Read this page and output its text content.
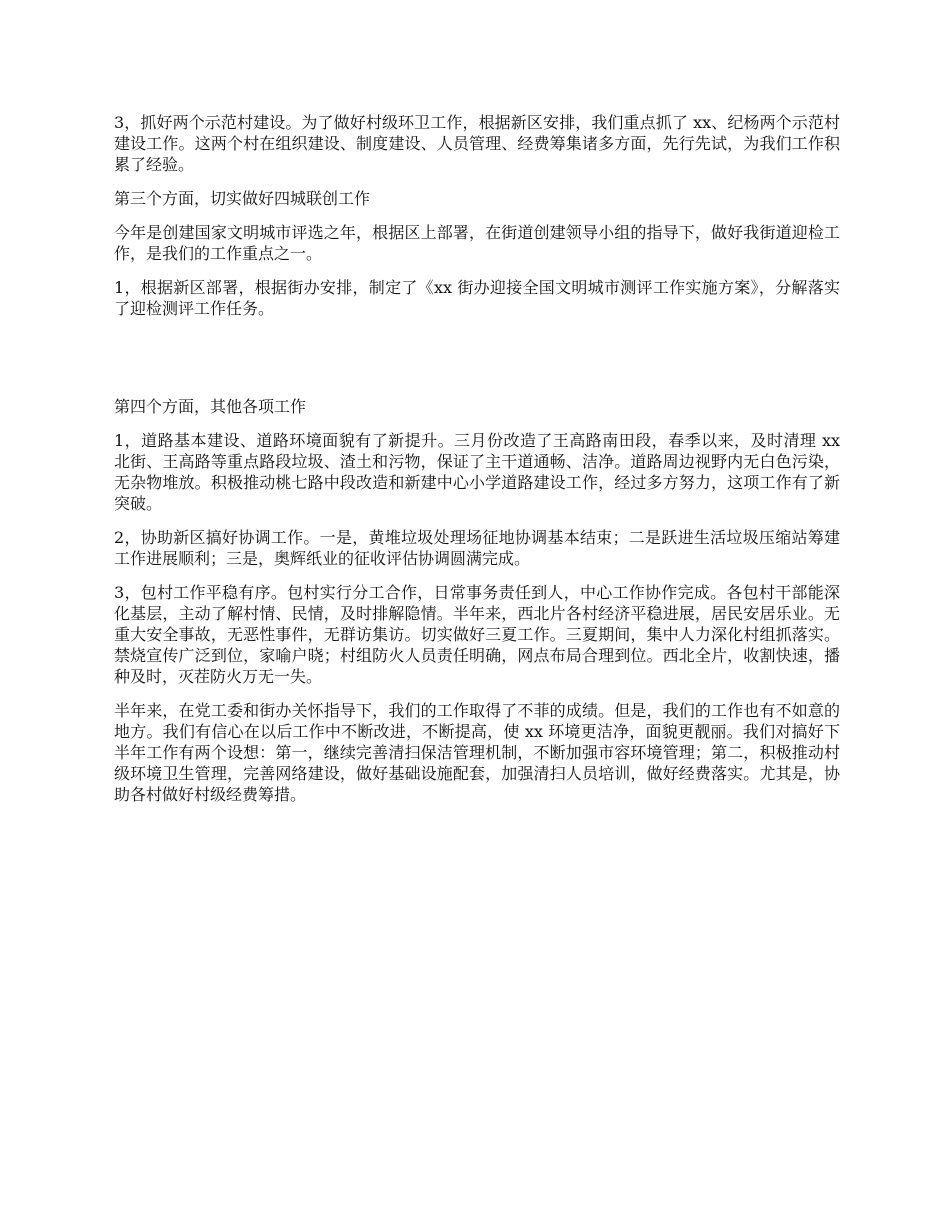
3，抓好两个示范村建设。为了做好村级环卫工作，根据新区安排，我们重点抓了 xx、纪杨两个示范村建设工作。这两个村在组织建设、制度建设、人员管理、经费筹集诸多方面，先行先试，为我们工作积累了经验。

第三个方面，切实做好四城联创工作

今年是创建国家文明城市评选之年，根据区上部署，在街道创建领导小组的指导下，做好我街道迎检工作，是我们的工作重点之一。

1，根据新区部署，根据街办安排，制定了《xx 街办迎接全国文明城市测评工作实施方案》，分解落实了迎检测评工作任务。

第四个方面，其他各项工作

1，道路基本建设、道路环境面貌有了新提升。三月份改造了王高路南田段，春季以来，及时清理 xx 北街、王高路等重点路段垃圾、渣土和污物，保证了主干道通畅、洁净。道路周边视野内无白色污染，无杂物堆放。积极推动桃七路中段改造和新建中心小学道路建设工作，经过多方努力，这项工作有了新突破。

2，协助新区搞好协调工作。一是，黄堆垃圾处理场征地协调基本结束；二是跃进生活垃圾压缩站筹建工作进展顺利；三是，奥辉纸业的征收评估协调圆满完成。

3，包村工作平稳有序。包村实行分工合作，日常事务责任到人，中心工作协作完成。各包村干部能深化基层，主动了解村情、民情，及时排解隐情。半年来，西北片各村经济平稳进展，居民安居乐业。无重大安全事故，无恶性事件，无群访集访。切实做好三夏工作。三夏期间，集中人力深化村组抓落实。禁烧宣传广泛到位，家喻户晓；村组防火人员责任明确，网点布局合理到位。西北全片，收割快速，播种及时，灭茬防火万无一失。

半年来，在党工委和街办关怀指导下，我们的工作取得了不菲的成绩。但是，我们的工作也有不如意的地方。我们有信心在以后工作中不断改进，不断提高，使 xx 环境更洁净，面貌更靓丽。我们对搞好下半年工作有两个设想：第一，继续完善清扫保洁管理机制，不断加强市容环境管理；第二，积极推动村级环境卫生管理，完善网络建设，做好基础设施配套，加强清扫人员培训，做好经费落实。尤其是，协助各村做好村级经费筹措。
